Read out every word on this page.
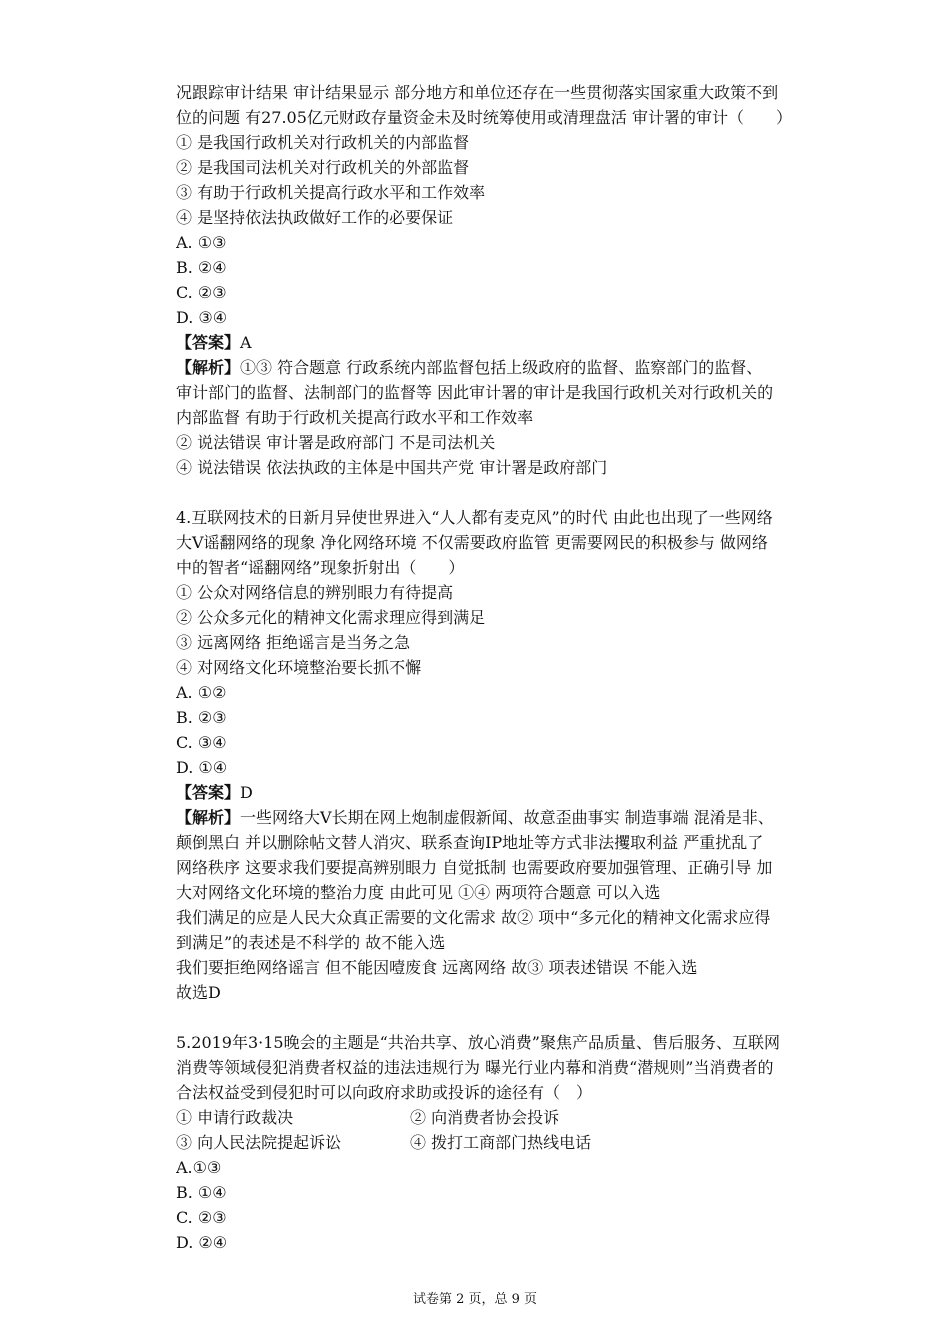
况跟踪审计结果 审计结果显示 部分地方和单位还存在一些贯彻落实国家重大政策不到
位的问题 有27.05亿元财政存量资金未及时统筹使用或清理盘活 审计署的审计（　　）
① 是我国行政机关对行政机关的内部监督
② 是我国司法机关对行政机关的外部监督
③ 有助于行政机关提高行政水平和工作效率
④ 是坚持依法执政做好工作的必要保证
A. ①③
B. ②④
C. ②③
D. ③④
【答案】A
【解析】①③ 符合题意 行政系统内部监督包括上级政府的监督、监察部门的监督、
审计部门的监督、法制部门的监督等 因此审计署的审计是我国行政机关对行政机关的
内部监督 有助于行政机关提高行政水平和工作效率
② 说法错误 审计署是政府部门 不是司法机关
④ 说法错误 依法执政的主体是中国共产党 审计署是政府部门
4.互联网技术的日新月异使世界进入“人人都有麦克风”的时代 由此也出现了一些网络
大V谣翻网络的现象 净化网络环境 不仅需要政府监管 更需要网民的积极参与 做网络
中的智者“谣翻网络”现象折射出（　　）
① 公众对网络信息的辨别眼力有待提高
② 公众多元化的精神文化需求理应得到满足
③ 远离网络 拒绝谣言是当务之急
④ 对网络文化环境整治要长抓不懈
A. ①②
B. ②③
C. ③④
D. ①④
【答案】D
【解析】一些网络大V长期在网上炮制虚假新闻、故意歪曲事实 制造事端 混淆是非、
颠倒黑白 并以删除帖文替人消灾、联系查询IP地址等方式非法攫取利益 严重扰乱了
网络秩序 这要求我们要提高辨别眼力 自觉抵制 也需要政府要加强管理、正确引导 加
大对网络文化环境的整治力度 由此可见 ①④ 两项符合题意 可以入选
我们满足的应是人民大众真正需要的文化需求 故② 项中“多元化的精神文化需求应得
到满足”的表述是不科学的 故不能入选
我们要拒绝网络谣言 但不能因噎废食 远离网络 故③ 项表述错误 不能入选
故选D
5.2019年3·15晚会的主题是“共治共享、放心消费”聚焦产品质量、售后服务、互联网
消费等领域侵犯消费者权益的违法违规行为 曝光行业内幕和消费“潜规则”当消费者的
合法权益受到侵犯时可以向政府求助或投诉的途径有（　）
① 申请行政裁决	② 向消费者协会投诉
③ 向人民法院提起诉讼	④ 拨打工商部门热线电话
A.①③
B. ①④
C. ②③
D. ②④
试卷第 2 页，总 9 页
